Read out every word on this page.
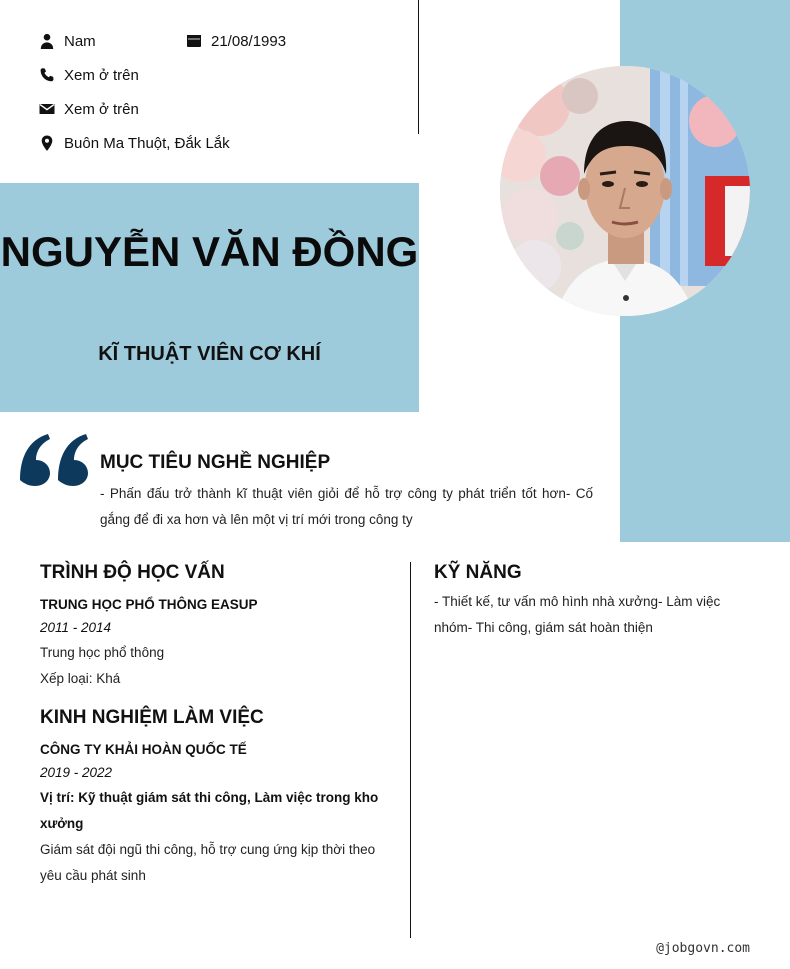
Nam	21/08/1993
Xem ở trên
Xem ở trên
Buôn Ma Thuột, Đắk Lắk
NGUYỄN VĂN ĐỒNG
KĨ THUẬT VIÊN CƠ KHÍ
MỤC TIÊU NGHỀ NGHIỆP
- Phấn đấu trở thành kĩ thuật viên giỏi để hỗ trợ công ty phát triển tốt hơn- Cố gắng để đi xa hơn và lên một vị trí mới trong công ty
TRÌNH ĐỘ HỌC VẤN
TRUNG HỌC PHỔ THÔNG EASUP
2011 - 2014
Trung học phổ thông
Xếp loại: Khá
KINH NGHIỆM LÀM VIỆC
CÔNG TY KHẢI HOÀN QUỐC TẾ
2019 - 2022
Vị trí: Kỹ thuật giám sát thi công, Làm việc trong kho xưởng
Giám sát đội ngũ thi công, hỗ trợ cung ứng kịp thời theo yêu cầu phát sinh
KỸ NĂNG
- Thiết kế, tư vấn mô hình nhà xưởng- Làm việc nhóm- Thi công, giám sát hoàn thiện
@jobgovn.com
